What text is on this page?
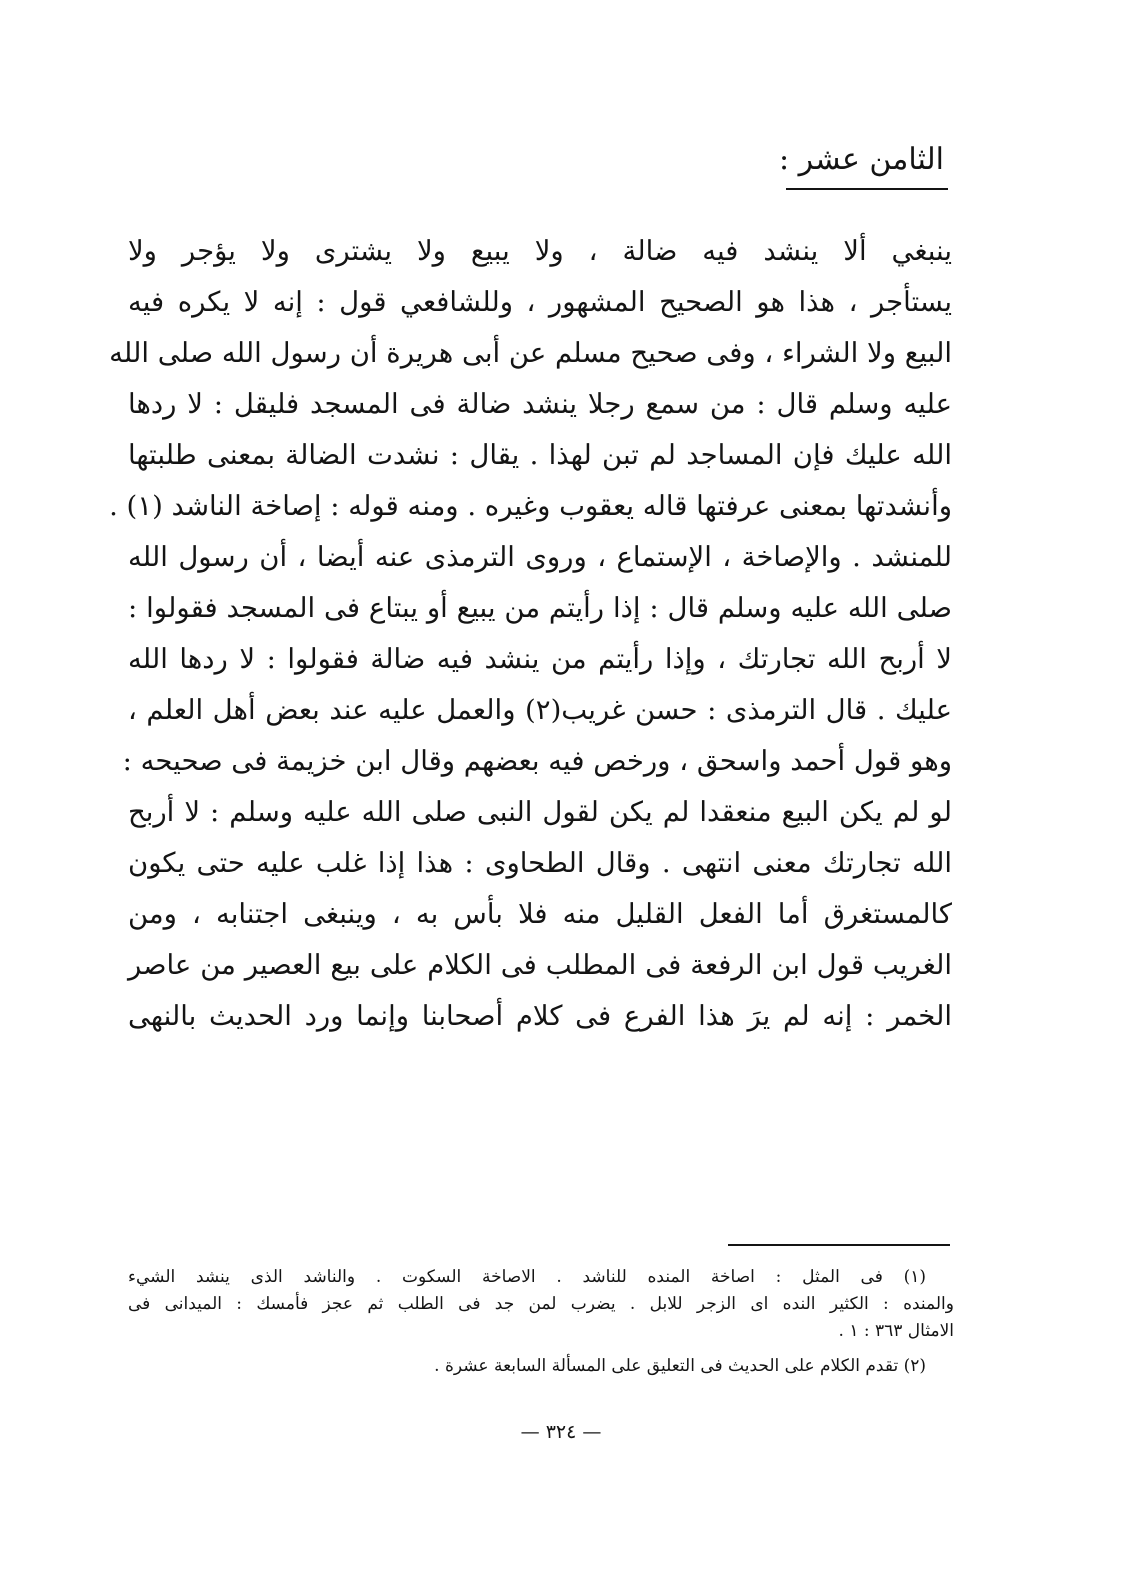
الثامن عشر :
ينبغي ألا ينشد فيه ضالة ، ولا يبيع ولا يشترى ولا يؤجر ولا
يستأجر ، هذا هو الصحيح المشهور ، وللشافعي قول : إنه لا يكره فيه
البيع ولا الشراء ، وفى صحيح مسلم عن أبى هريرة أن رسول الله صلى الله
عليه وسلم قال : من سمع رجلا ينشد ضالة فى المسجد فليقل : لا ردها
الله عليك فإن المساجد لم تبن لهذا . يقال : نشدت الضالة بمعنى طلبتها
وأنشدتها بمعنى عرفتها قاله يعقوب وغيره . ومنه قوله : إصاخة الناشد (١) .
للمنشد . والإصاخة ، الإستماع ، وروى الترمذى عنه أيضا ، أن رسول الله
صلى الله عليه وسلم قال : إذا رأيتم من يبيع أو يبتاع فى المسجد فقولوا :
لا أربح الله تجارتك ، وإذا رأيتم من ينشد فيه ضالة فقولوا : لا ردها الله
عليك . قال الترمذى : حسن غريب(٢) والعمل عليه عند بعض أهل العلم ،
وهو قول أحمد واسحق ، ورخص فيه بعضهم وقال ابن خزيمة فى صحيحه :
لو لم يكن البيع منعقدا لم يكن لقول النبى صلى الله عليه وسلم : لا أربح
الله تجارتك معنى انتهى . وقال الطحاوى : هذا إذا غلب عليه حتى يكون
كالمستغرق أما الفعل القليل منه فلا بأس به ، وينبغى اجتنابه ، ومن
الغريب قول ابن الرفعة فى المطلب فى الكلام على بيع العصير من عاصر
الخمر : إنه لم يرَ هذا الفرع فى كلام أصحابنا وإنما ورد الحديث بالنهى
(١) فى المثل : اصاخة المنده للناشد . الاصاخة السكوت . والناشد الذى ينشد الشيء
والمنده : الكثير النده اى الزجر للابل . يضرب لمن جد فى الطلب ثم عجز فأمسك : الميدانى فى
الامثال ٣٦٣ : ١ .
(٢) تقدم الكلام على الحديث فى التعليق على المسألة السابعة عشرة .
— ٣٢٤ —
